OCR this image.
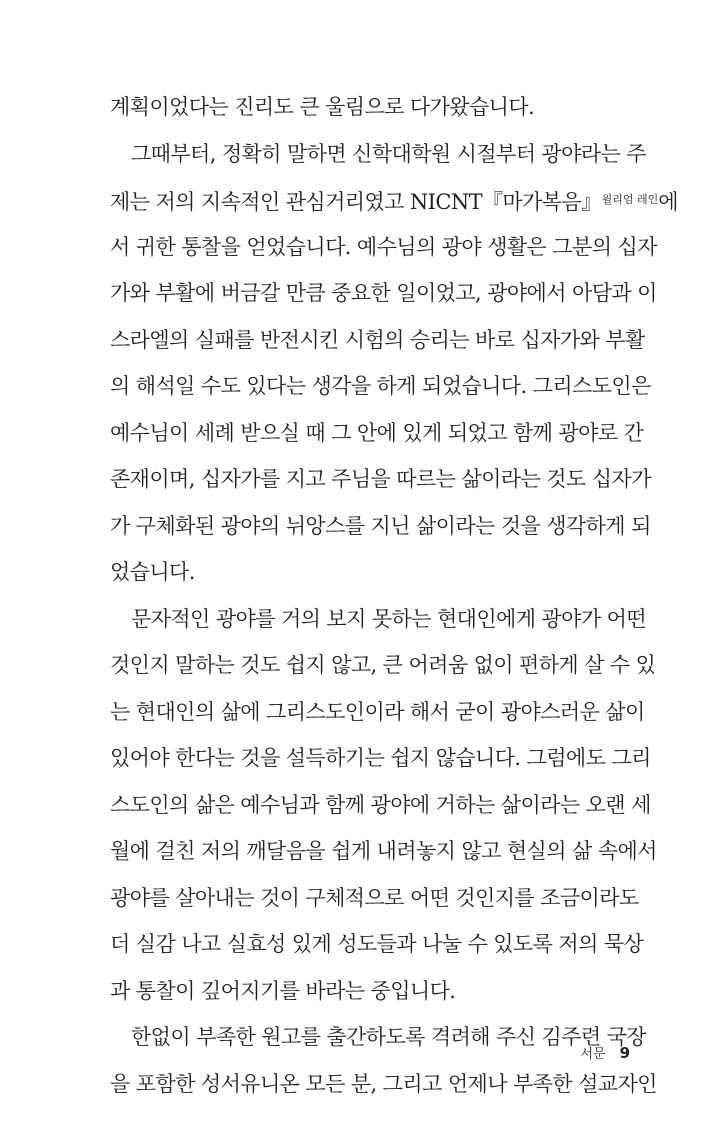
계획이었다는 진리도 큰 울림으로 다가왔습니다.
그때부터, 정확히 말하면 신학대학원 시절부터 광야라는 주
제는 저의 지속적인 관심거리였고 NICNT『마가복음』$^{윌리엄 레인}$에
서 귀한 통찰을 얻었습니다. 예수님의 광야 생활은 그분의 십자
가와 부활에 버금갈 만큼 중요한 일이었고, 광야에서 아담과 이
스라엘의 실패를 반전시킨 시험의 승리는 바로 십자가와 부활
의 해석일 수도 있다는 생각을 하게 되었습니다. 그리스도인은
예수님이 세례 받으실 때 그 안에 있게 되었고 함께 광야로 간
존재이며, 십자가를 지고 주님을 따르는 삶이라는 것도 십자가
가 구체화된 광야의 뉘앙스를 지닌 삶이라는 것을 생각하게 되
었습니다.
문자적인 광야를 거의 보지 못하는 현대인에게 광야가 어떤
것인지 말하는 것도 쉽지 않고, 큰 어려움 없이 편하게 살 수 있
는 현대인의 삶에 그리스도인이라 해서 굳이 광야스러운 삶이
있어야 한다는 것을 설득하기는 쉽지 않습니다. 그럼에도 그리
스도인의 삶은 예수님과 함께 광야에 거하는 삶이라는 오랜 세
월에 걸친 저의 깨달음을 쉽게 내려놓지 않고 현실의 삶 속에서
광야를 살아내는 것이 구체적으로 어떤 것인지를 조금이라도
더 실감 나고 실효성 있게 성도들과 나눌 수 있도록 저의 묵상
과 통찰이 깊어지기를 바라는 중입니다.
한없이 부족한 원고를 출간하도록 격려해 주신 김주련 국장
을 포함한 성서유니온 모든 분, 그리고 언제나 부족한 설교자인
서문 9
